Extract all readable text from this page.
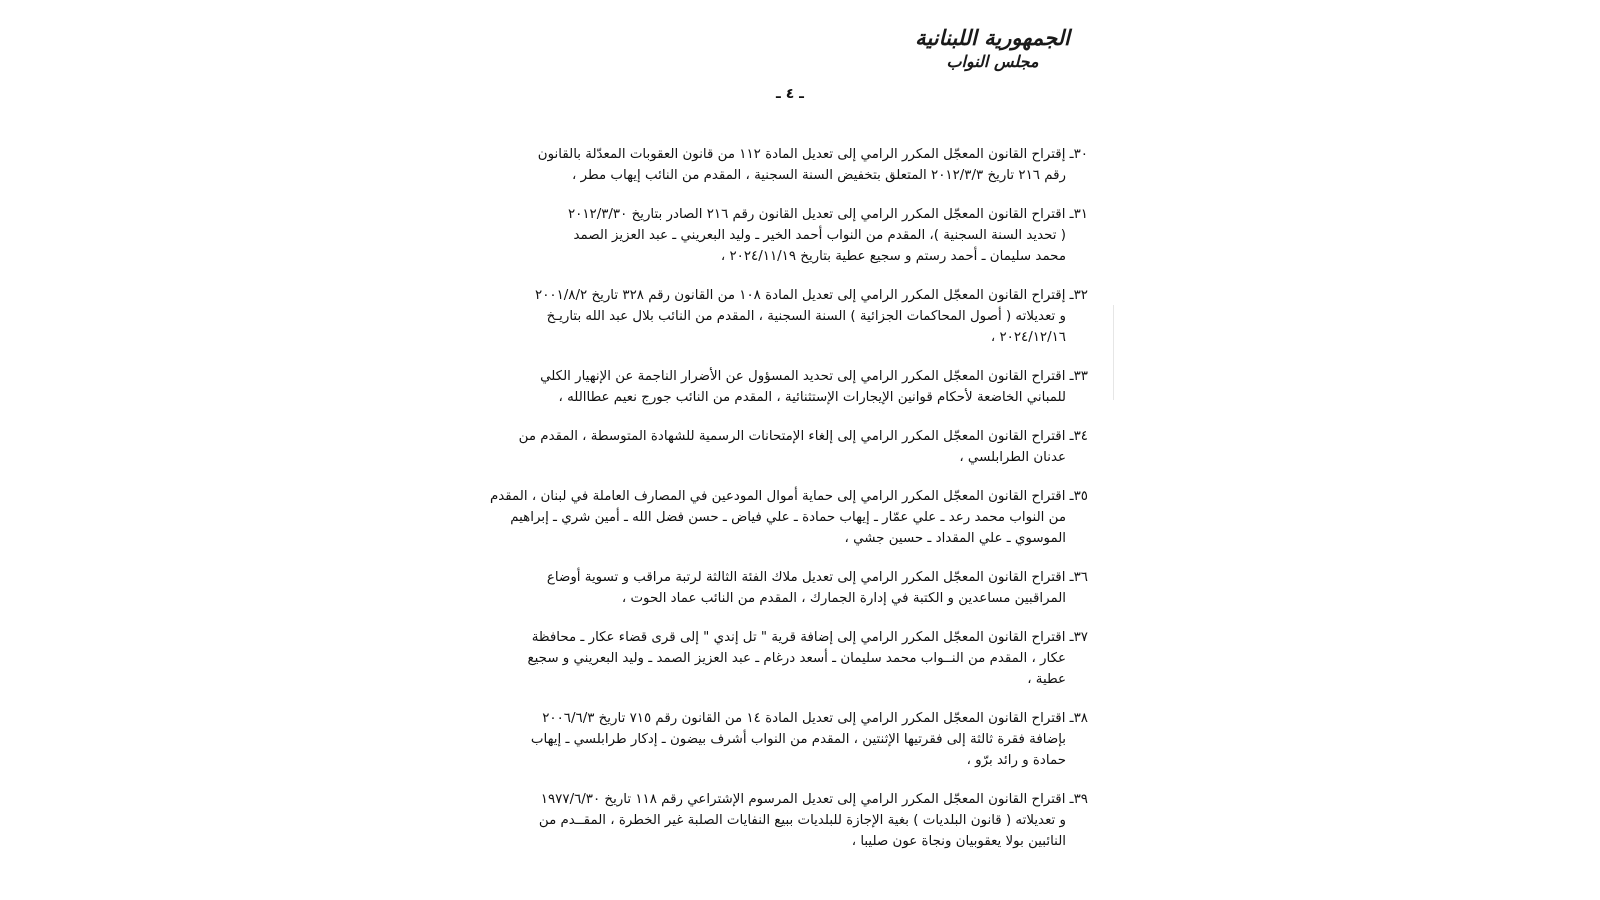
الجمهورية اللبنانية
مجلس النواب
ـ ٤ ـ
٣٠ـ إقتراح القانون المعجّل المكرر الرامي إلى تعديل المادة ١١٢ من قانون العقوبات المعدّلة بالقانون
رقم ٢١٦ تاريخ ٢٠١٢/٣/٣ المتعلق بتخفيض السنة السجنية ، المقدم من النائب إيهاب مطر ،
٣١ـ اقتراح القانون المعجّل المكرر الرامي إلى تعديل القانون رقم ٢١٦ الصادر بتاريخ ٢٠١٢/٣/٣٠
( تحديد السنة السجنية )، المقدم من النواب أحمد الخير ـ وليد البعريني ـ عبد العزيز الصمد
محمد سليمان ـ أحمد رستم و سجيع عطية بتاريخ ٢٠٢٤/١١/١٩ ،
٣٢ـ إقتراح القانون المعجّل المكرر الرامي إلى تعديل المادة ١٠٨ من القانون رقم ٣٢٨ تاريخ ٢٠٠١/٨/٢
و تعديلاته ( أصول المحاكمات الجزائية ) السنة السجنية ، المقدم من النائب بلال عبد الله بتاريـخ
٢٠٢٤/١٢/١٦ ،
٣٣ـ اقتراح القانون المعجّل المكرر الرامي إلى تحديد المسؤول عن الأضرار الناجمة عن الإنهيار الكلي
للمباني الخاضعة لأحكام قوانين الإيجارات الإستثنائية ، المقدم من النائب جورج نعيم عطاالله ،
٣٤ـ اقتراح القانون المعجّل المكرر الرامي إلى إلغاء الإمتحانات الرسمية للشهادة المتوسطة ، المقدم من
عدنان الطرابلسي ،
٣٥ـ اقتراح القانون المعجّل المكرر الرامي إلى حماية أموال المودعين في المصارف العاملة في لبنان ، المقدم
من النواب محمد رعد ـ علي عمّار ـ إيهاب حمادة ـ علي فياض ـ حسن فضل الله ـ أمين شري ـ إبراهيم
الموسوي ـ علي المقداد ـ حسين جشي ،
٣٦ـ اقتراح القانون المعجّل المكرر الرامي إلى تعديل ملاك الفئة الثالثة لرتبة مراقب و تسوية أوضاع
المراقبين مساعدين و الكتبة في إدارة الجمارك ، المقدم من النائب عماد الحوت ،
٣٧ـ اقتراح القانون المعجّل المكرر الرامي إلى إضافة قرية " تل إندي " إلى قرى قضاء عكار ـ محافظة
عكار ، المقدم من النــواب محمد سليمان ـ أسعد درغام ـ عبد العزيز الصمد ـ وليد البعريني و سجيع
عطية ،
٣٨ـ اقتراح القانون المعجّل المكرر الرامي إلى تعديل المادة ١٤ من القانون رقم ٧١٥ تاريخ ٢٠٠٦/٦/٣
بإضافة فقرة ثالثة إلى فقرتيها الإثنتين ، المقدم من النواب أشرف بيضون ـ إدكار طرابلسي ـ إيهاب
حمادة و رائد برّو ،
٣٩ـ اقتراح القانون المعجّل المكرر الرامي إلى تعديل المرسوم الإشتراعي رقم ١١٨ تاريخ ١٩٧٧/٦/٣٠
و تعديلاته ( قانون البلديات ) بغية الإجازة للبلديات ببيع النفايات الصلبة غير الخطرة ، المقــدم من
النائبين بولا يعقوبيان ونجاة عون صليبا ،
